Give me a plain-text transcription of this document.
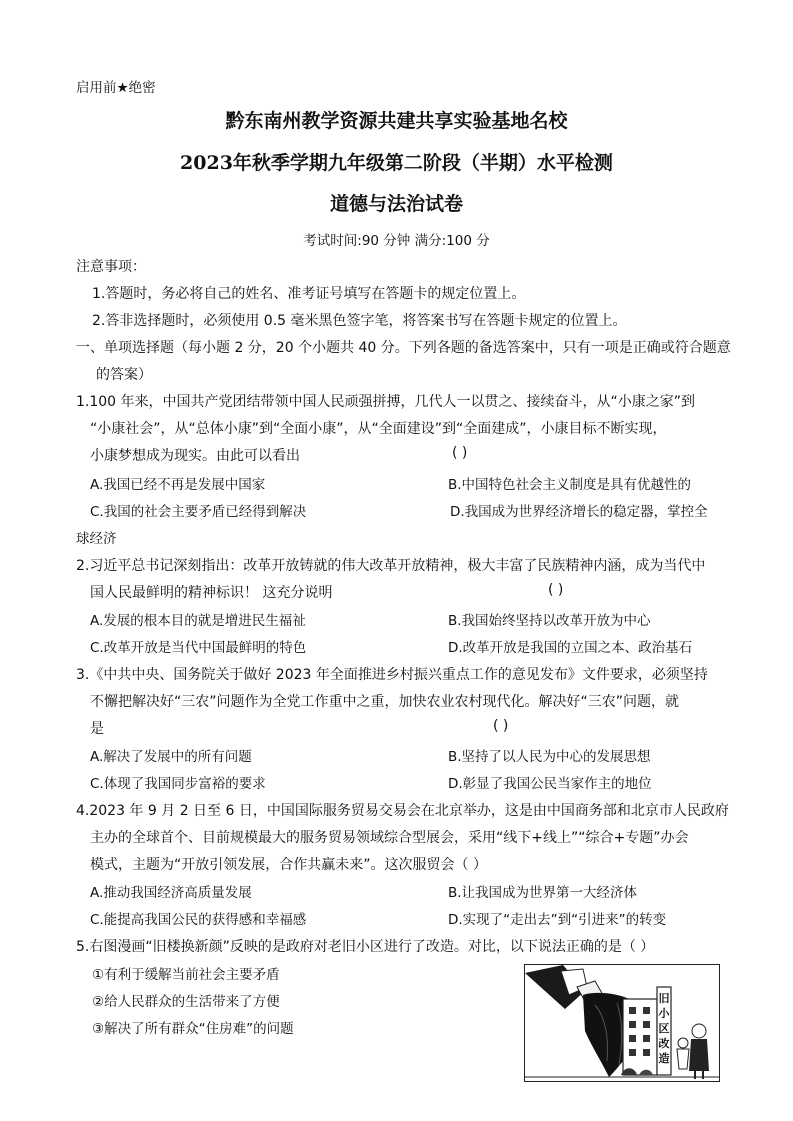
启用前★绝密
黔东南州教学资源共建共享实验基地名校
2023年秋季学期九年级第二阶段（半期）水平检测
道德与法治试卷
考试时间:90 分钟 满分:100 分
注意事项：
1.答题时，务必将自己的姓名、准考证号填写在答题卡的规定位置上。
2.答非选择题时，必须使用 0.5 毫米黑色签字笔，将答案书写在答题卡规定的位置上。
一、单项选择题（每小题 2 分，20 个小题共 40 分。下列各题的备选答案中，只有一项是正确或符合题意
的答案）
1.100 年来，中国共产党团结带领中国人民顽强拼搏，几代人一以贯之、接续奋斗，从“小康之家”到
“小康社会”，从“总体小康”到“全面小康”，从“全面建设”到“全面建成”，小康目标不断实现，
小康梦想成为现实。由此可以看出	( )
A.我国已经不再是发展中国家	B.中国特色社会主义制度是具有优越性的
C.我国的社会主要矛盾已经得到解决	D.我国成为世界经济增长的稳定器，掌控全
球经济
2.习近平总书记深刻指出：改革开放铸就的伟大改革开放精神，极大丰富了民族精神内涵，成为当代中
国人民最鲜明的精神标识！ 这充分说明	( )
A.发展的根本目的就是增进民生福祉	B.我国始终坚持以改革开放为中心
C.改革开放是当代中国最鲜明的特色	D.改革开放是我国的立国之本、政治基石
3.《中共中央、国务院关于做好 2023 年全面推进乡村振兴重点工作的意见发布》文件要求，必须坚持
不懈把解决好“三农”问题作为全党工作重中之重，加快农业农村现代化。解决好“三农”问题，就
是	( )
A.解决了发展中的所有问题	B.坚持了以人民为中心的发展思想
C.体现了我国同步富裕的要求	D.彰显了我国公民当家作主的地位
4.2023 年 9 月 2 日至 6 日，中国国际服务贸易交易会在北京举办，这是由中国商务部和北京市人民政府
主办的全球首个、目前规模最大的服务贸易领域综合型展会，采用“线下+线上”“综合+专题”办会
模式，主题为“开放引领发展，合作共赢未来”。这次服贸会（ ）
A.推动我国经济高质量发展	B.让我国成为世界第一大经济体
C.能提高我国公民的获得感和幸福感	D.实现了“走出去”到“引进来”的转变
5.右图漫画“旧楼换新颜”反映的是政府对老旧小区进行了改造。对比，以下说法正确的是（ ）
①有利于缓解当前社会主要矛盾
②给人民群众的生活带来了方便
③解决了所有群众“住房难”的问题
旧小区改造
